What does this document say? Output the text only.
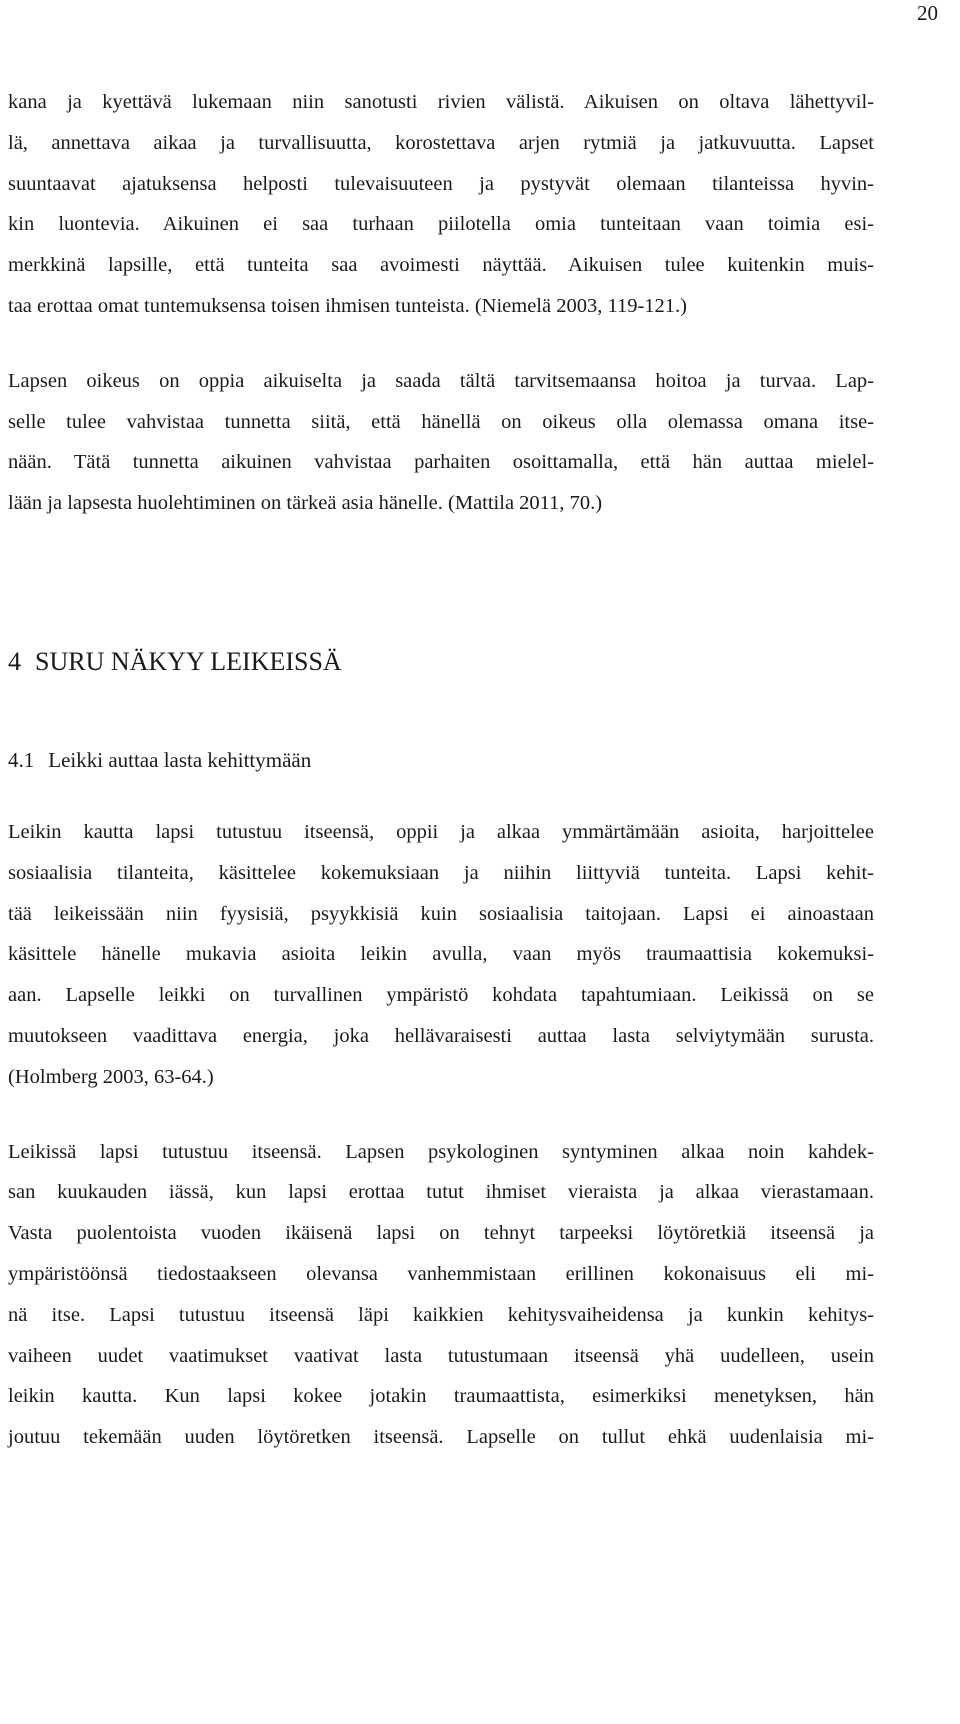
20

kana ja kyettävä lukemaan niin sanotusti rivien välistä. Aikuisen on oltava lähettyvil-
lä, annettava aikaa ja turvallisuutta, korostettava arjen rytmiä ja jatkuvuutta. Lapset
suuntaavat ajatuksensa helposti tulevaisuuteen ja pystyvät olemaan tilanteissa hyvin-
kin luontevia. Aikuinen ei saa turhaan piilotella omia tunteitaan vaan toimia esi-
merkkinä lapsille, että tunteita saa avoimesti näyttää. Aikuisen tulee kuitenkin muis-
taa erottaa omat tuntemuksensa toisen ihmisen tunteista. (Niemelä 2003, 119-121.)

Lapsen oikeus on oppia aikuiselta ja saada tältä tarvitsemaansa hoitoa ja turvaa. Lap-
selle tulee vahvistaa tunnetta siitä, että hänellä on oikeus olla olemassa omana itse-
nään. Tätä tunnetta aikuinen vahvistaa parhaiten osoittamalla, että hän auttaa mielel-
lään ja lapsesta huolehtiminen on tärkeä asia hänelle. (Mattila 2011, 70.)

4 SURU NÄKYY LEIKEISSÄ
4.1 Leikki auttaa lasta kehittymään

Leikin kautta lapsi tutustuu itseensä, oppii ja alkaa ymmärtämään asioita, harjoittelee
sosiaalisia tilanteita, käsittelee kokemuksiaan ja niihin liittyviä tunteita. Lapsi kehit-
tää leikeissään niin fyysisiä, psyykkisiä kuin sosiaalisia taitojaan. Lapsi ei ainoastaan
käsittele hänelle mukavia asioita leikin avulla, vaan myös traumaattisia kokemuksi-
aan. Lapselle leikki on turvallinen ympäristö kohdata tapahtumiaan. Leikissä on se
muutokseen vaadittava energia, joka hellävaraisesti auttaa lasta selviytymään surusta.
(Holmberg 2003, 63-64.)

Leikissä lapsi tutustuu itseensä. Lapsen psykologinen syntyminen alkaa noin kahdek-
san kuukauden iässä, kun lapsi erottaa tutut ihmiset vieraista ja alkaa vierastamaan.
Vasta puolentoista vuoden ikäisenä lapsi on tehnyt tarpeeksi löytöretkiä itseensä ja
ympäristöönsä tiedostaakseen olevansa vanhemmistaan erillinen kokonaisuus eli mi-
nä itse. Lapsi tutustuu itseensä läpi kaikkien kehitysvaiheidensa ja kunkin kehitys-
vaiheen uudet vaatimukset vaativat lasta tutustumaan itseensä yhä uudelleen, usein
leikin kautta. Kun lapsi kokee jotakin traumaattista, esimerkiksi menetyksen, hän
joutuu tekemään uuden löytöretken itseensä. Lapselle on tullut ehkä uudenlaisia mi-
